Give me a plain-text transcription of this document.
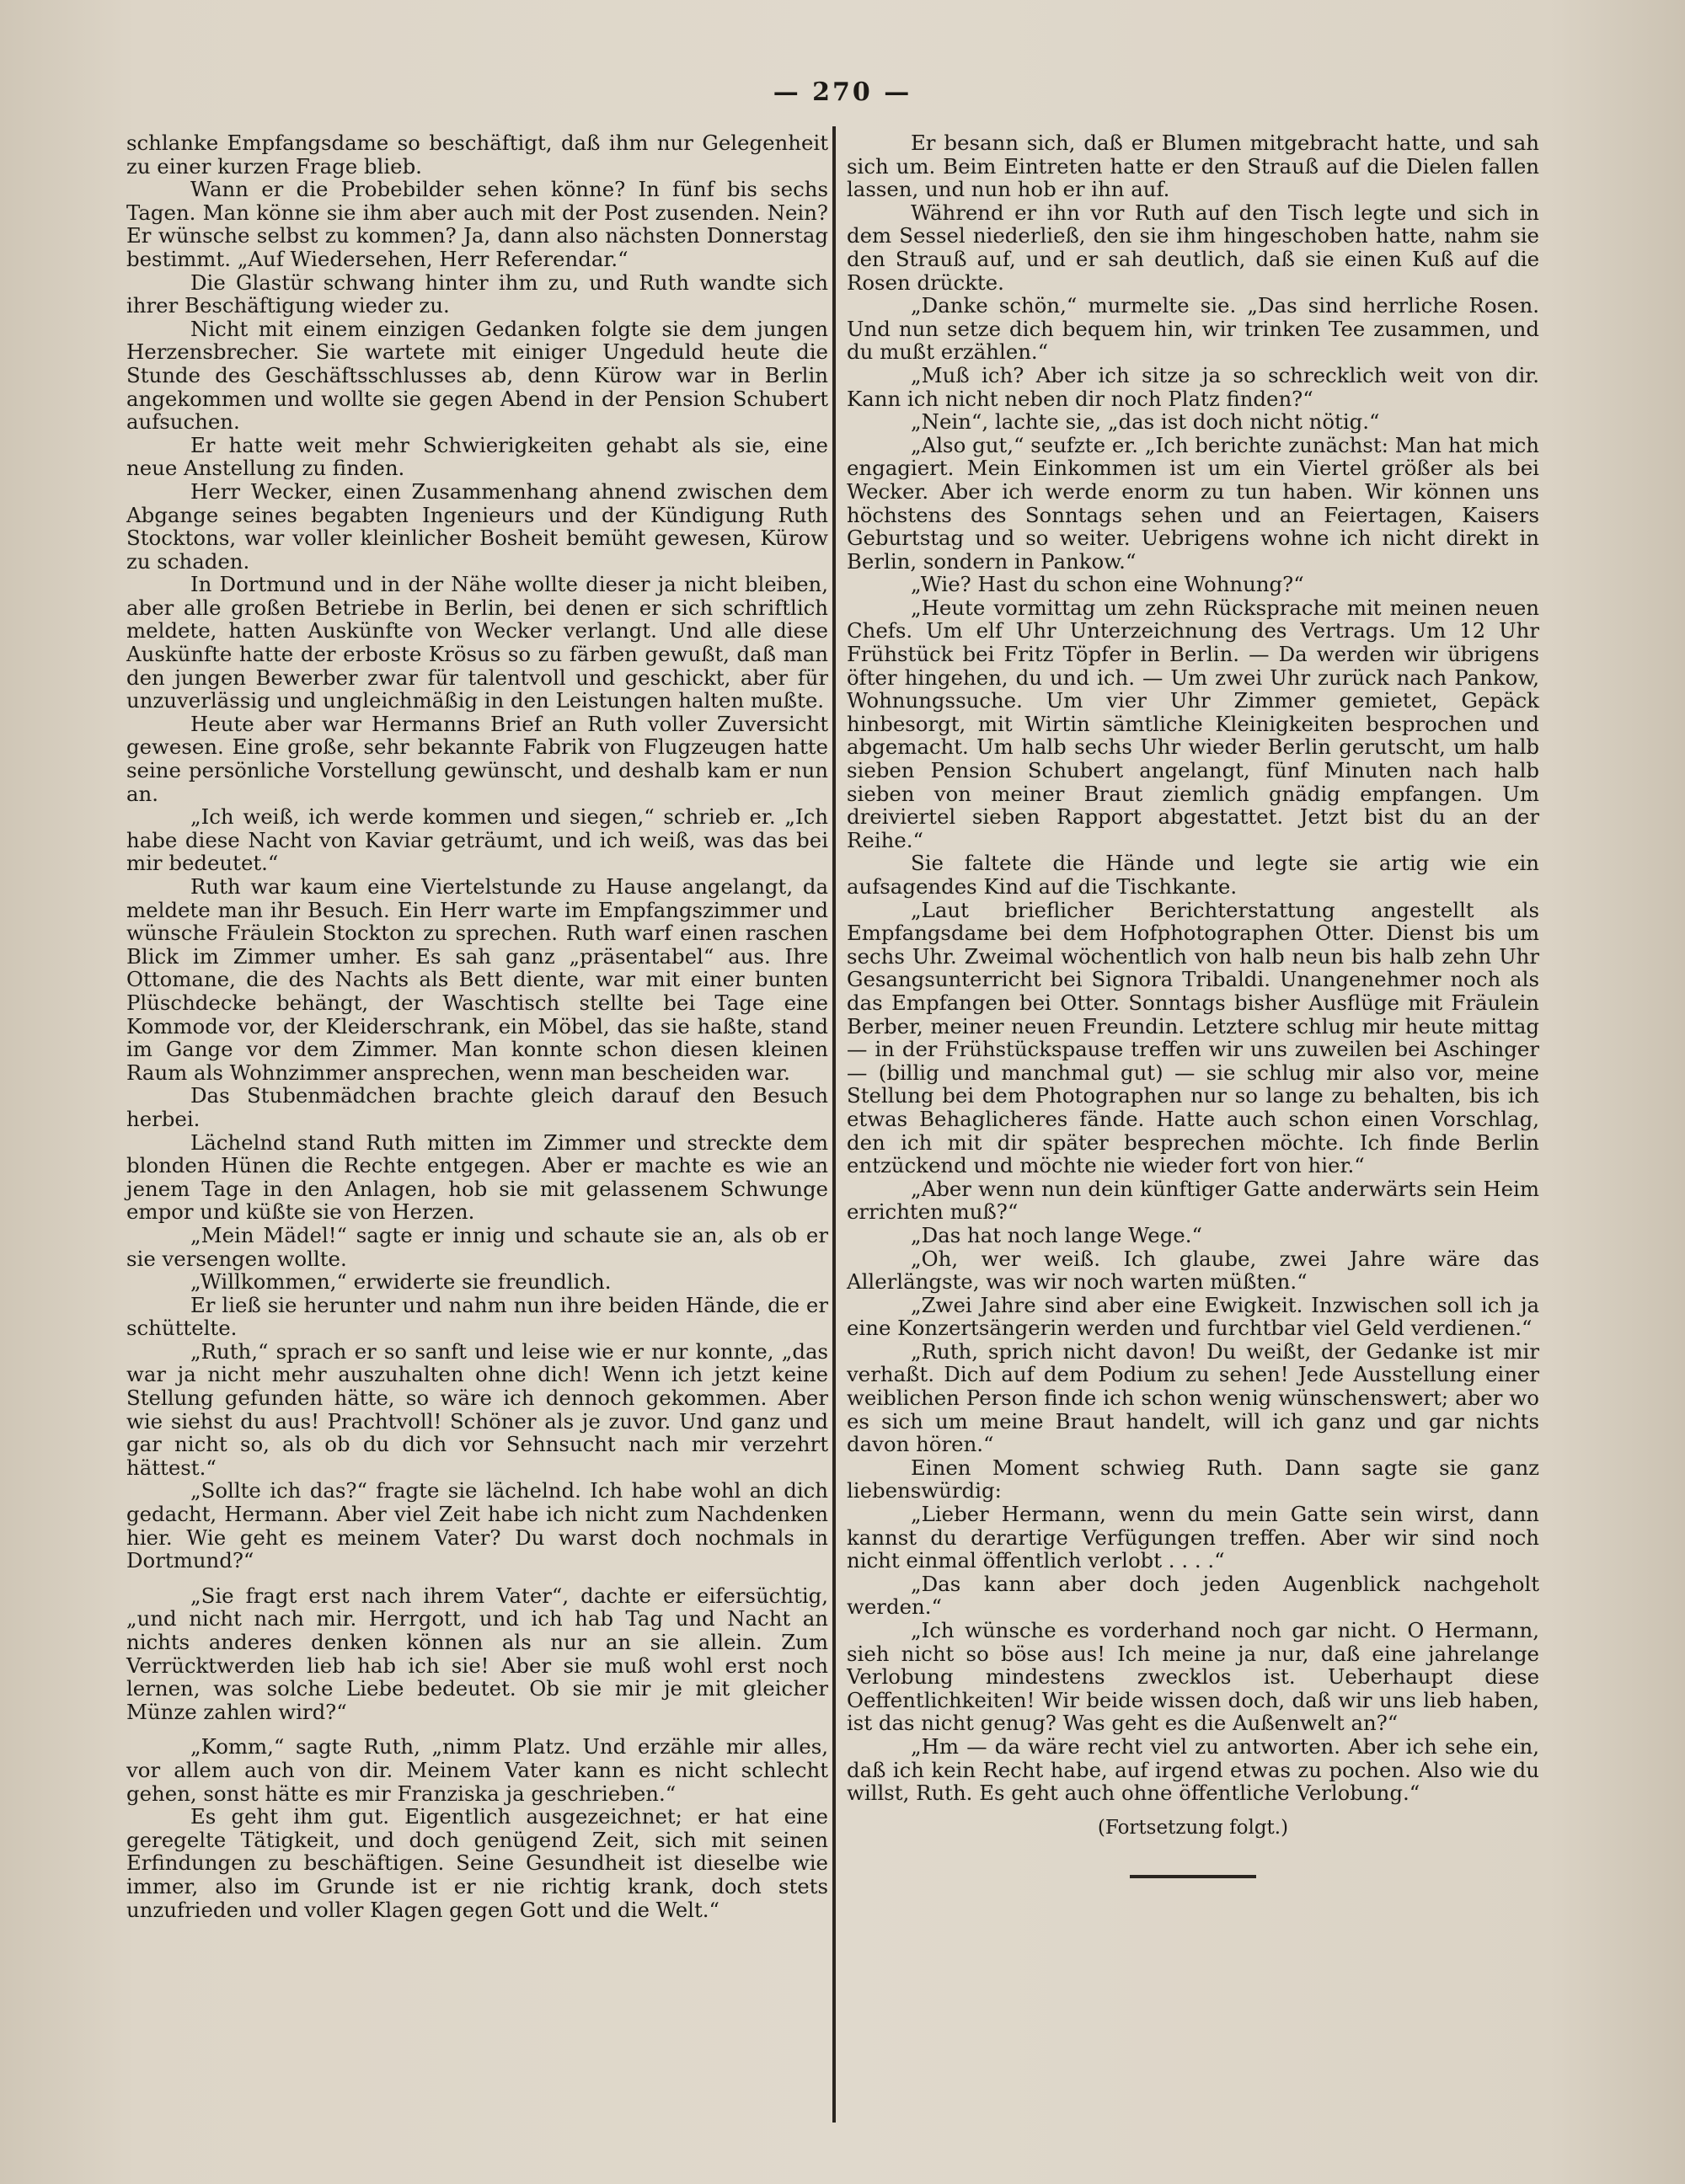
— 270 —

schlanke Empfangsdame so beschäftigt, daß ihm nur Gelegenheit zu einer kurzen Frage blieb.

Wann er die Probebilder sehen könne? In fünf bis sechs Tagen. Man könne sie ihm aber auch mit der Post zusenden. Nein? Er wünsche selbst zu kommen? Ja, dann also nächsten Donnerstag bestimmt. „Auf Wiedersehen, Herr Referendar.“

Die Glastür schwang hinter ihm zu, und Ruth wandte sich ihrer Beschäftigung wieder zu.

Nicht mit einem einzigen Gedanken folgte sie dem jungen Herzensbrecher. Sie wartete mit einiger Ungeduld heute die Stunde des Geschäftsschlusses ab, denn Kürow war in Berlin angekommen und wollte sie gegen Abend in der Pension Schubert aufsuchen.

Er hatte weit mehr Schwierigkeiten gehabt als sie, eine neue Anstellung zu finden.

Herr Wecker, einen Zusammenhang ahnend zwischen dem Abgange seines begabten Ingenieurs und der Kündigung Ruth Stocktons, war voller kleinlicher Bosheit bemüht gewesen, Kürow zu schaden.

In Dortmund und in der Nähe wollte dieser ja nicht bleiben, aber alle großen Betriebe in Berlin, bei denen er sich schriftlich meldete, hatten Auskünfte von Wecker verlangt. Und alle diese Auskünfte hatte der erboste Krösus so zu färben gewußt, daß man den jungen Bewerber zwar für talentvoll und geschickt, aber für unzuverlässig und ungleichmäßig in den Leistungen halten mußte.

Heute aber war Hermanns Brief an Ruth voller Zuversicht gewesen. Eine große, sehr bekannte Fabrik von Flugzeugen hatte seine persönliche Vorstellung gewünscht, und deshalb kam er nun an.

„Ich weiß, ich werde kommen und siegen,“ schrieb er. „Ich habe diese Nacht von Kaviar geträumt, und ich weiß, was das bei mir bedeutet.“

Ruth war kaum eine Viertelstunde zu Hause angelangt, da meldete man ihr Besuch. Ein Herr warte im Empfangszimmer und wünsche Fräulein Stockton zu sprechen. Ruth warf einen raschen Blick im Zimmer umher. Es sah ganz „präsentabel“ aus. Ihre Ottomane, die des Nachts als Bett diente, war mit einer bunten Plüschdecke behängt, der Waschtisch stellte bei Tage eine Kommode vor, der Kleiderschrank, ein Möbel, das sie haßte, stand im Gange vor dem Zimmer. Man konnte schon diesen kleinen Raum als Wohnzimmer ansprechen, wenn man bescheiden war.

Das Stubenmädchen brachte gleich darauf den Besuch herbei.

Lächelnd stand Ruth mitten im Zimmer und streckte dem blonden Hünen die Rechte entgegen. Aber er machte es wie an jenem Tage in den Anlagen, hob sie mit gelassenem Schwunge empor und küßte sie von Herzen.

„Mein Mädel!“ sagte er innig und schaute sie an, als ob er sie versengen wollte.

„Willkommen,“ erwiderte sie freundlich.

Er ließ sie herunter und nahm nun ihre beiden Hände, die er schüttelte.

„Ruth,“ sprach er so sanft und leise wie er nur konnte, „das war ja nicht mehr auszuhalten ohne dich! Wenn ich jetzt keine Stellung gefunden hätte, so wäre ich dennoch gekommen. Aber wie siehst du aus! Prachtvoll! Schöner als je zuvor. Und ganz und gar nicht so, als ob du dich vor Sehnsucht nach mir verzehrt hättest.“

„Sollte ich das?“ fragte sie lächelnd. Ich habe wohl an dich gedacht, Hermann. Aber viel Zeit habe ich nicht zum Nachdenken hier. Wie geht es meinem Vater? Du warst doch nochmals in Dortmund?“

„Sie fragt erst nach ihrem Vater“, dachte er eifersüchtig, „und nicht nach mir. Herrgott, und ich hab Tag und Nacht an nichts anderes denken können als nur an sie allein. Zum Verrücktwerden lieb hab ich sie! Aber sie muß wohl erst noch lernen, was solche Liebe bedeutet. Ob sie mir je mit gleicher Münze zahlen wird?“

„Komm,“ sagte Ruth, „nimm Platz. Und erzähle mir alles, vor allem auch von dir. Meinem Vater kann es nicht schlecht gehen, sonst hätte es mir Franziska ja geschrieben.“

Es geht ihm gut. Eigentlich ausgezeichnet; er hat eine geregelte Tätigkeit, und doch genügend Zeit, sich mit seinen Erfindungen zu beschäftigen. Seine Gesundheit ist dieselbe wie immer, also im Grunde ist er nie richtig krank, doch stets unzufrieden und voller Klagen gegen Gott und die Welt.“

Er besann sich, daß er Blumen mitgebracht hatte, und sah sich um. Beim Eintreten hatte er den Strauß auf die Dielen fallen lassen, und nun hob er ihn auf.

Während er ihn vor Ruth auf den Tisch legte und sich in dem Sessel niederließ, den sie ihm hingeschoben hatte, nahm sie den Strauß auf, und er sah deutlich, daß sie einen Kuß auf die Rosen drückte.

„Danke schön,“ murmelte sie. „Das sind herrliche Rosen. Und nun setze dich bequem hin, wir trinken Tee zusammen, und du mußt erzählen.“

„Muß ich? Aber ich sitze ja so schrecklich weit von dir. Kann ich nicht neben dir noch Platz finden?“

„Nein“, lachte sie, „das ist doch nicht nötig.“

„Also gut,“ seufzte er. „Ich berichte zunächst: Man hat mich engagiert. Mein Einkommen ist um ein Viertel größer als bei Wecker. Aber ich werde enorm zu tun haben. Wir können uns höchstens des Sonntags sehen und an Feiertagen, Kaisers Geburtstag und so weiter. Uebrigens wohne ich nicht direkt in Berlin, sondern in Pankow.“

„Wie? Hast du schon eine Wohnung?“

„Heute vormittag um zehn Rücksprache mit meinen neuen Chefs. Um elf Uhr Unterzeichnung des Vertrags. Um 12 Uhr Frühstück bei Fritz Töpfer in Berlin. — Da werden wir übrigens öfter hingehen, du und ich. — Um zwei Uhr zurück nach Pankow, Wohnungssuche. Um vier Uhr Zimmer gemietet, Gepäck hinbesorgt, mit Wirtin sämtliche Kleinigkeiten besprochen und abgemacht. Um halb sechs Uhr wieder Berlin gerutscht, um halb sieben Pension Schubert angelangt, fünf Minuten nach halb sieben von meiner Braut ziemlich gnädig empfangen. Um dreiviertel sieben Rapport abgestattet. Jetzt bist du an der Reihe.“

Sie faltete die Hände und legte sie artig wie ein aufsagendes Kind auf die Tischkante.

„Laut brieflicher Berichterstattung angestellt als Empfangsdame bei dem Hofphotographen Otter. Dienst bis um sechs Uhr. Zweimal wöchentlich von halb neun bis halb zehn Uhr Gesangsunterricht bei Signora Tribaldi. Unangenehmer noch als das Empfangen bei Otter. Sonntags bisher Ausflüge mit Fräulein Berber, meiner neuen Freundin. Letztere schlug mir heute mittag — in der Frühstückspause treffen wir uns zuweilen bei Aschinger — (billig und manchmal gut) — sie schlug mir also vor, meine Stellung bei dem Photographen nur so lange zu behalten, bis ich etwas Behaglicheres fände. Hatte auch schon einen Vorschlag, den ich mit dir später besprechen möchte. Ich finde Berlin entzückend und möchte nie wieder fort von hier.“

„Aber wenn nun dein künftiger Gatte anderwärts sein Heim errichten muß?“

„Das hat noch lange Wege.“

„Oh, wer weiß. Ich glaube, zwei Jahre wäre das Allerlängste, was wir noch warten müßten.“

„Zwei Jahre sind aber eine Ewigkeit. Inzwischen soll ich ja eine Konzertsängerin werden und furchtbar viel Geld verdienen.“

„Ruth, sprich nicht davon! Du weißt, der Gedanke ist mir verhaßt. Dich auf dem Podium zu sehen! Jede Ausstellung einer weiblichen Person finde ich schon wenig wünschenswert; aber wo es sich um meine Braut handelt, will ich ganz und gar nichts davon hören.“

Einen Moment schwieg Ruth. Dann sagte sie ganz liebenswürdig:

„Lieber Hermann, wenn du mein Gatte sein wirst, dann kannst du derartige Verfügungen treffen. Aber wir sind noch nicht einmal öffentlich verlobt . . . .“

„Das kann aber doch jeden Augenblick nachgeholt werden.“

„Ich wünsche es vorderhand noch gar nicht. O Hermann, sieh nicht so böse aus! Ich meine ja nur, daß eine jahrelange Verlobung mindestens zwecklos ist. Ueberhaupt diese Oeffentlichkeiten! Wir beide wissen doch, daß wir uns lieb haben, ist das nicht genug? Was geht es die Außenwelt an?“

„Hm — da wäre recht viel zu antworten. Aber ich sehe ein, daß ich kein Recht habe, auf irgend etwas zu pochen. Also wie du willst, Ruth. Es geht auch ohne öffentliche Verlobung.“

(Fortsetzung folgt.)
